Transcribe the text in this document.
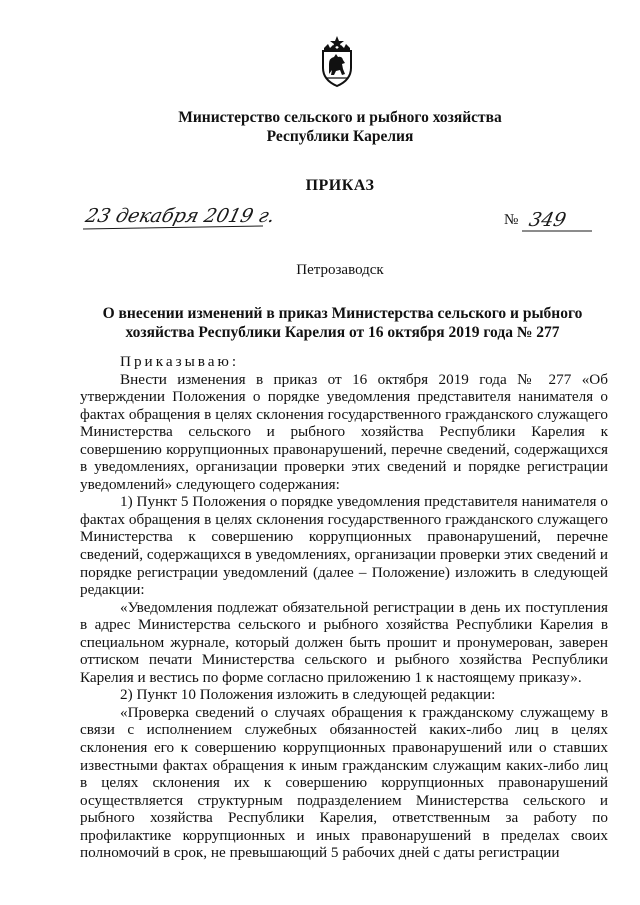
Министерство сельского и рыбного хозяйства
Республики Карелия
ПРИКАЗ
23 декабря 2019 г.	№ 349
Петрозаводск
О внесении изменений в приказ Министерства сельского и рыбного
хозяйства Республики Карелия от 16 октября 2019 года № 277

Приказываю:

Внести изменения в приказ от 16 октября 2019 года № 277 «Об утверждении Положения о порядке уведомления представителя нанимателя о фактах обращения в целях склонения государственного гражданского служащего Министерства сельского и рыбного хозяйства Республики Карелия к совершению коррупционных правонарушений, перечне сведений, содержащихся в уведомлениях, организации проверки этих сведений и порядке регистрации уведомлений» следующего содержания:

1) Пункт 5 Положения о порядке уведомления представителя нанимателя о фактах обращения в целях склонения государственного гражданского служащего Министерства к совершению коррупционных правонарушений, перечне сведений, содержащихся в уведомлениях, организации проверки этих сведений и порядке регистрации уведомлений (далее – Положение) изложить в следующей редакции:

«Уведомления подлежат обязательной регистрации в день их поступления в адрес Министерства сельского и рыбного хозяйства Республики Карелия в специальном журнале, который должен быть прошит и пронумерован, заверен оттиском печати Министерства сельского и рыбного хозяйства Республики Карелия и вестись по форме согласно приложению 1 к настоящему приказу».

2) Пункт 10 Положения изложить в следующей редакции:

«Проверка сведений о случаях обращения к гражданскому служащему в связи с исполнением служебных обязанностей каких-либо лиц в целях склонения его к совершению коррупционных правонарушений или о ставших известными фактах обращения к иным гражданским служащим каких-либо лиц в целях склонения их к совершению коррупционных правонарушений осуществляется структурным подразделением Министерства сельского и рыбного хозяйства Республики Карелия, ответственным за работу по профилактике коррупционных и иных правонарушений в пределах своих полномочий в срок, не превышающий 5 рабочих дней с даты регистрации
